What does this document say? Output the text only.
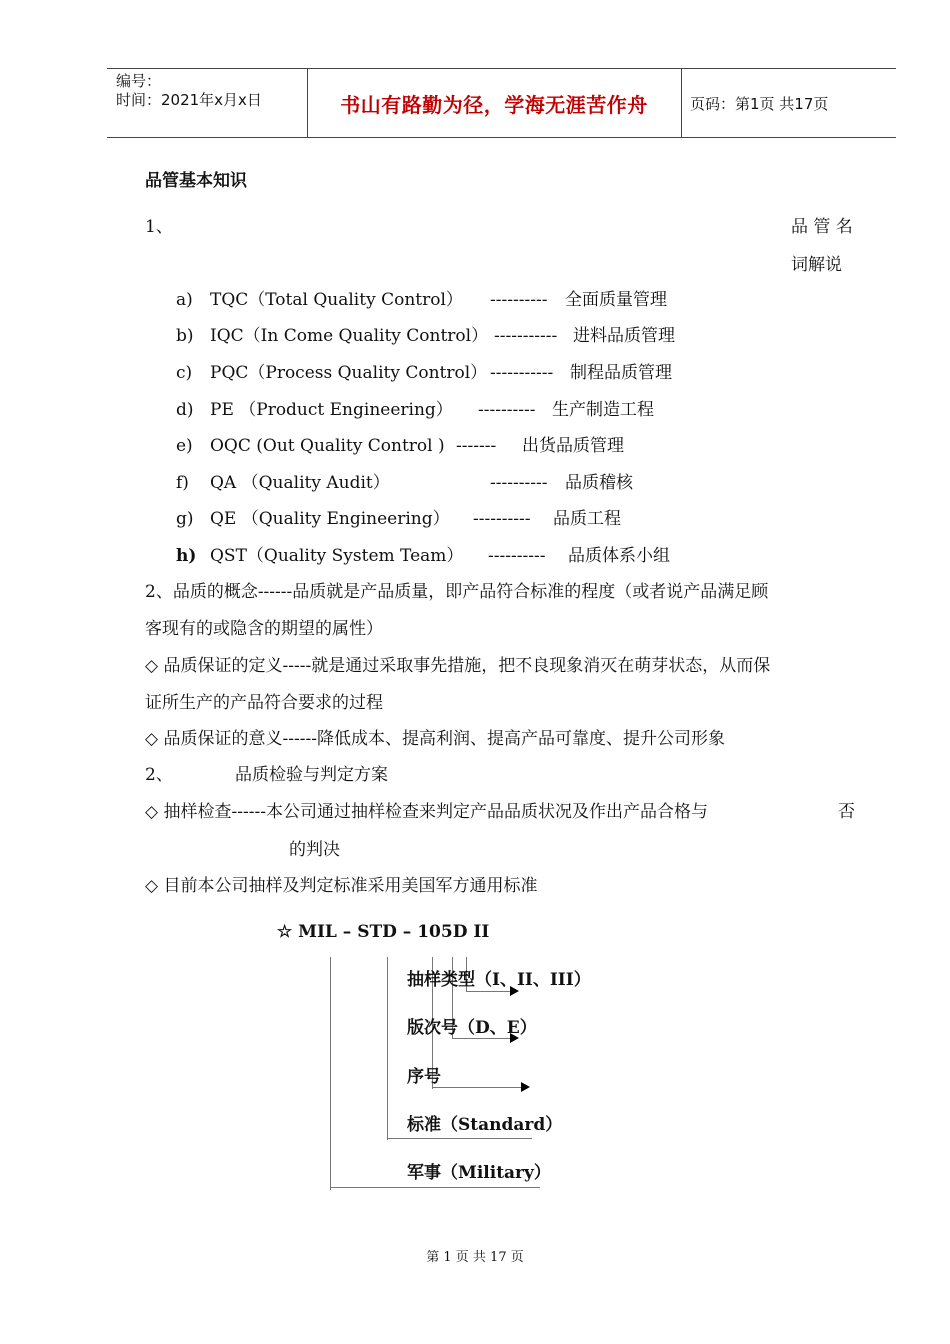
编号：
时间：2021年x月x日	书山有路勤为径，学海无涯苦作舟	页码：第1页 共17页
品管基本知识
1、	品 管 名
词解说
a) TQC（Total Quality Control） ---------- 全面质量管理
b) IQC（In Come Quality Control） ----------- 进料品质管理
c) PQC（Process Quality Control） ----------- 制程品质管理
d) PE （Product Engineering） ---------- 生产制造工程
e) OQC (Out Quality Control ) ------- 出货品质管理
f) QA （Quality Audit）	---------- 品质稽核
g) QE （Quality Engineering） ---------- 品质工程
h) QST（Quality System Team） ---------- 品质体系小组
2、品质的概念------品质就是产品质量，即产品符合标准的程度（或者说产品满足顾
客现有的或隐含的期望的属性）
◇ 品质保证的定义-----就是通过采取事先措施，把不良现象消灭在萌芽状态，从而保
证所生产的产品符合要求的过程
◇ 品质保证的意义------降低成本、提高利润、提高产品可靠度、提升公司形象
2、	品质检验与判定方案
◇ 抽样检查------本公司通过抽样检查来判定产品品质状况及作出产品合格与	否
的判决
◇ 目前本公司抽样及判定标准采用美国军方通用标准
☆ MIL – STD – 105D II
抽样类型（I、II、III）
版次号（D、E）
序号
标准（Standard）
军事（Military）
第 1 页 共 17 页
